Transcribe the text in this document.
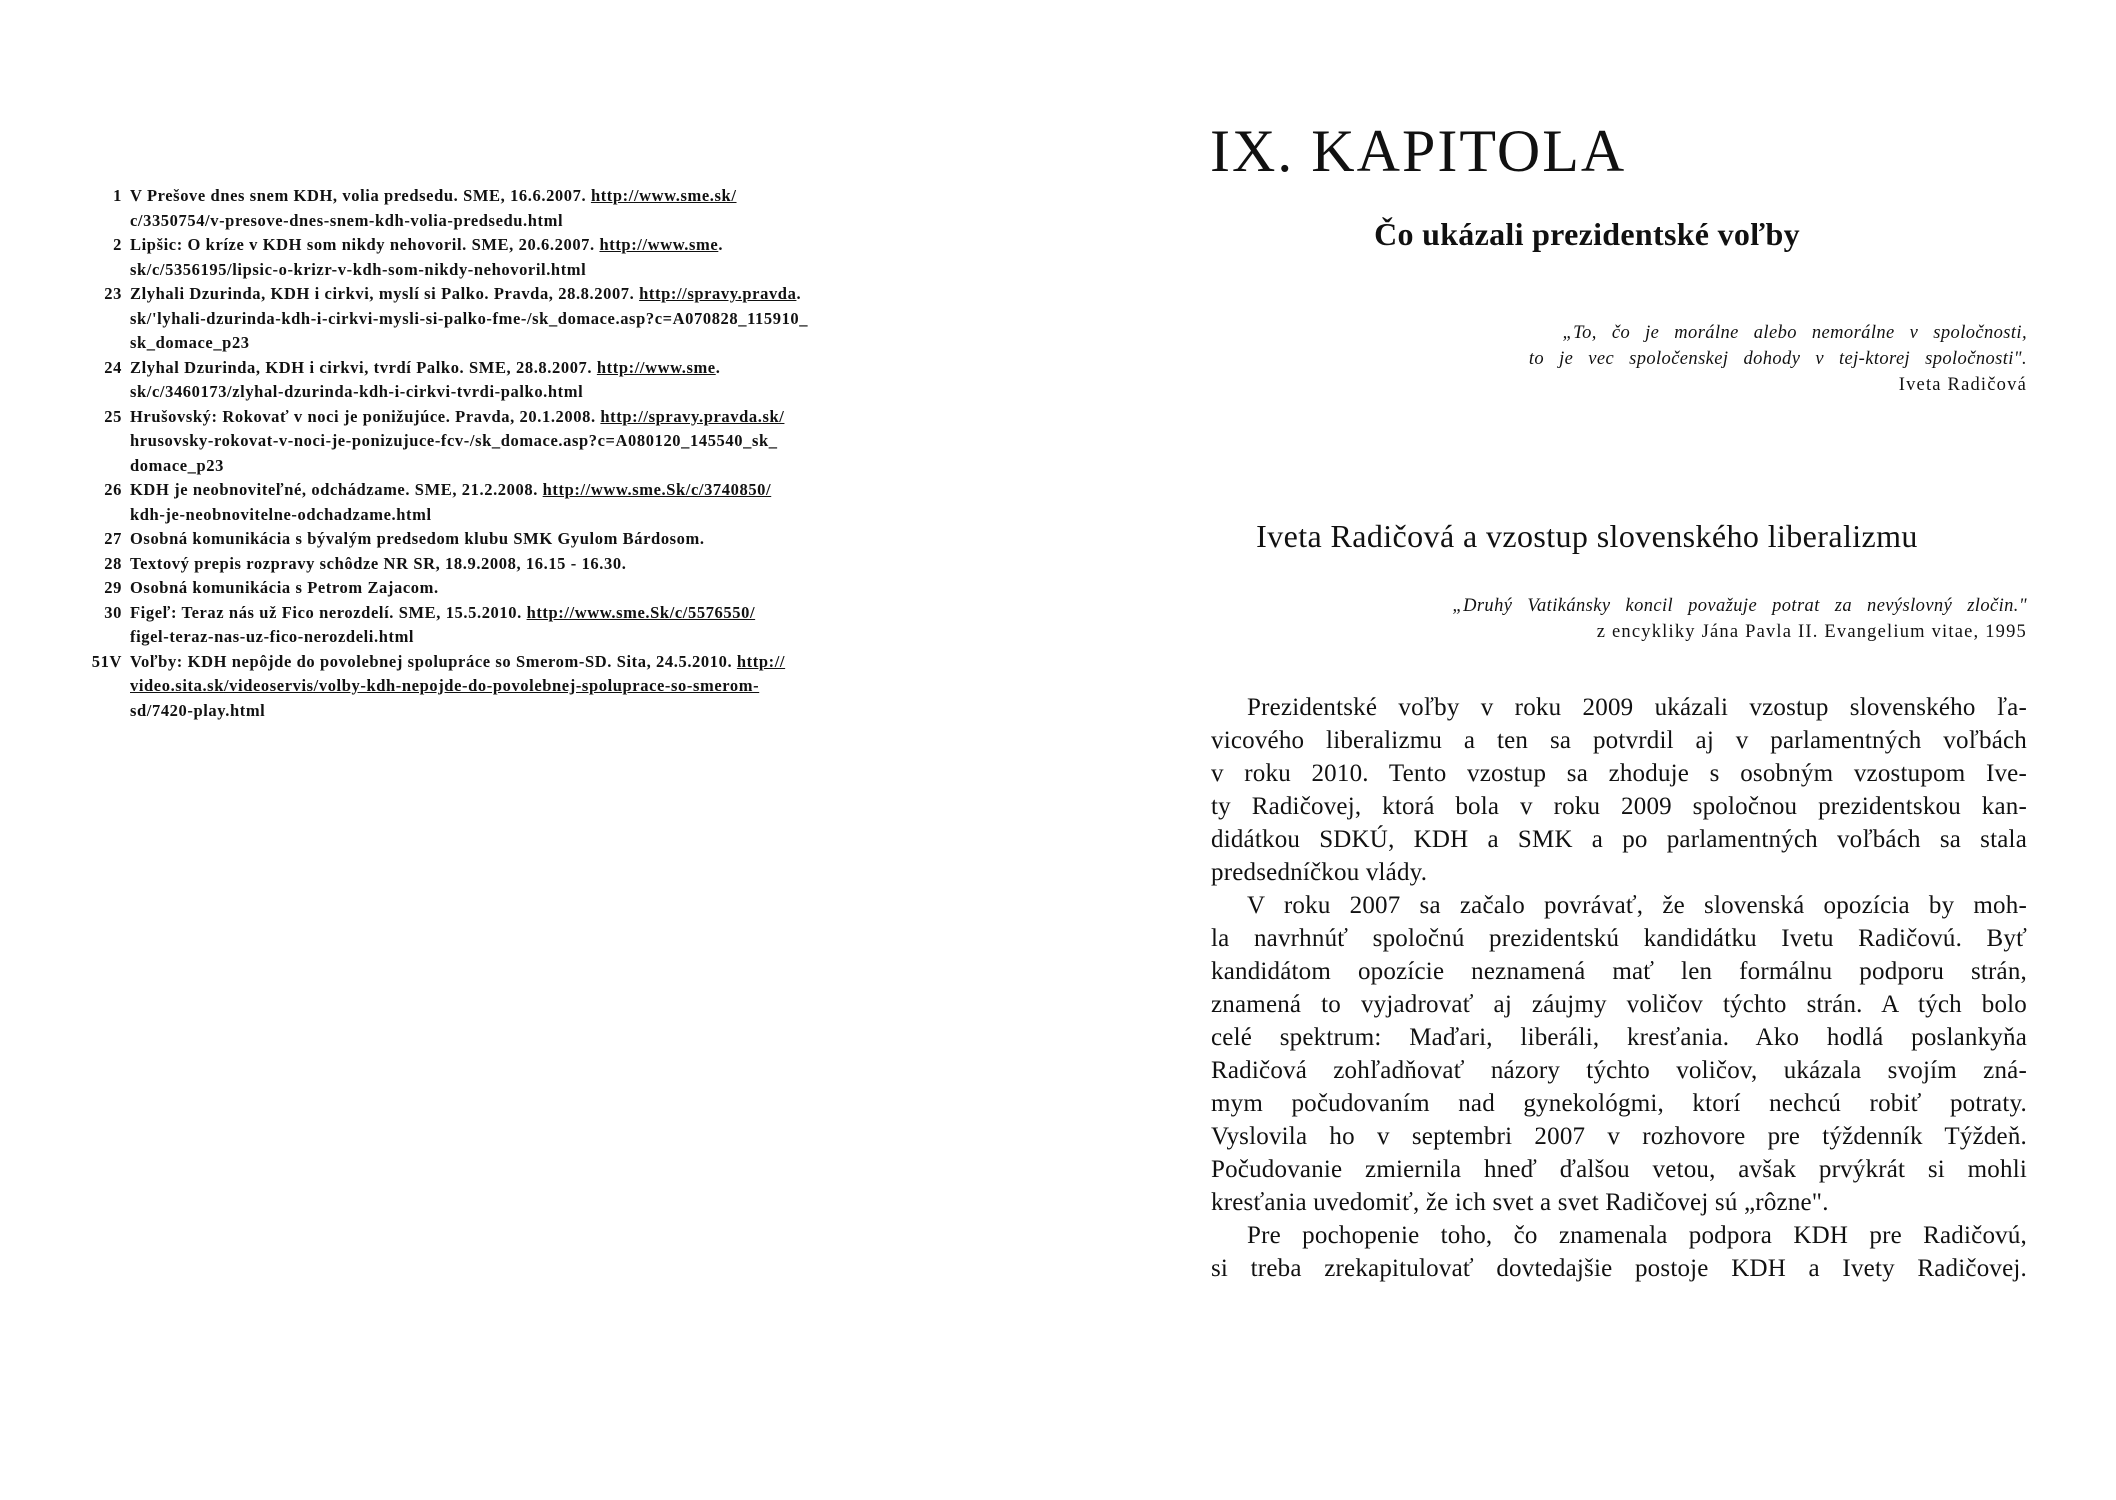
1 V Prešove dnes snem KDH, volia predsedu. SME, 16.6.2007. http://www.sme.sk/
c/3350754/v-presove-dnes-snem-kdh-volia-predsedu.html
2 Lipšic: O kríze v KDH som nikdy nehovoril. SME, 20.6.2007. http://www.sme.
sk/c/5356195/lipsic-o-krizr-v-kdh-som-nikdy-nehovoril.html
23 Zlyhali Dzurinda, KDH i cirkvi, myslí si Palko. Pravda, 28.8.2007. http://spravy.pravda.
sk/'lyhali-dzurinda-kdh-i-cirkvi-mysli-si-palko-fme-/sk_domace.asp?c=A070828_115910_
sk_domace_p23
24 Zlyhal Dzurinda, KDH i cirkvi, tvrdí Palko. SME, 28.8.2007. http://www.sme.
sk/c/3460173/zlyhal-dzurinda-kdh-i-cirkvi-tvrdi-palko.html
25 Hrušovský: Rokovať v noci je ponižujúce. Pravda, 20.1.2008. http://spravy.pravda.sk/
hrusovsky-rokovat-v-noci-je-ponizujuce-fcv-/sk_domace.asp?c=A080120_145540_sk_
domace_p23
26 KDH je neobnoviteľné, odchádzame. SME, 21.2.2008. http://www.sme.Sk/c/3740850/
kdh-je-neobnovitelne-odchadzame.html
27 Osobná komunikácia s bývalým predsedom klubu SMK Gyulom Bárdosom.
28 Textový prepis rozpravy schôdze NR SR, 18.9.2008, 16.15 - 16.30.
29 Osobná komunikácia s Petrom Zajacom.
30 Figeľ: Teraz nás už Fico nerozdelí. SME, 15.5.2010. http://www.sme.Sk/c/5576550/
figel-teraz-nas-uz-fico-nerozdeli.html
51V Voľby: KDH nepôjde do povolebnej spolupráce so Smerom-SD. Sita, 24.5.2010. http://
video.sita.sk/videoservis/volby-kdh-nepojde-do-povolebnej-spoluprace-so-smerom-
sd/7420-play.html
IX. KAPITOLA
Čo ukázali prezidentské voľby
„To, čo je morálne alebo nemorálne v spoločnosti,
to je vec spoločenskej dohody v tej-ktorej spoločnosti".
Iveta Radičová
Iveta Radičová a vzostup slovenského liberalizmu
„Druhý Vatikánsky koncil považuje potrat za nevýslovný zločin."
z encykliky Jána Pavla II. Evangelium vitae, 1995
Prezidentské voľby v roku 2009 ukázali vzostup slovenského ľa-
vicového liberalizmu a ten sa potvrdil aj v parlamentných voľbách
v roku 2010. Tento vzostup sa zhoduje s osobným vzostupom Ive-
ty Radičovej, ktorá bola v roku 2009 spoločnou prezidentskou kan-
didátkou SDKÚ, KDH a SMK a po parlamentných voľbách sa stala
predsedníčkou vlády.
V roku 2007 sa začalo povrávať, že slovenská opozícia by moh-
la navrhnúť spoločnú prezidentskú kandidátku Ivetu Radičovú. Byť
kandidátom opozície neznamená mať len formálnu podporu strán,
znamená to vyjadrovať aj záujmy voličov týchto strán. A tých bolo
celé spektrum: Maďari, liberáli, kresťania. Ako hodlá poslankyňa
Radičová zohľadňovať názory týchto voličov, ukázala svojím zná-
mym počudovaním nad gynekológmi, ktorí nechcú robiť potraty.
Vyslovila ho v septembri 2007 v rozhovore pre týždenník Týždeň.
Počudovanie zmiernila hneď ďalšou vetou, avšak prvýkrát si mohli
kresťania uvedomiť, že ich svet a svet Radičovej sú „rôzne".
Pre pochopenie toho, čo znamenala podpora KDH pre Radičovú,
si treba zrekapitulovať dovtedajšie postoje KDH a Ivety Radičovej.
